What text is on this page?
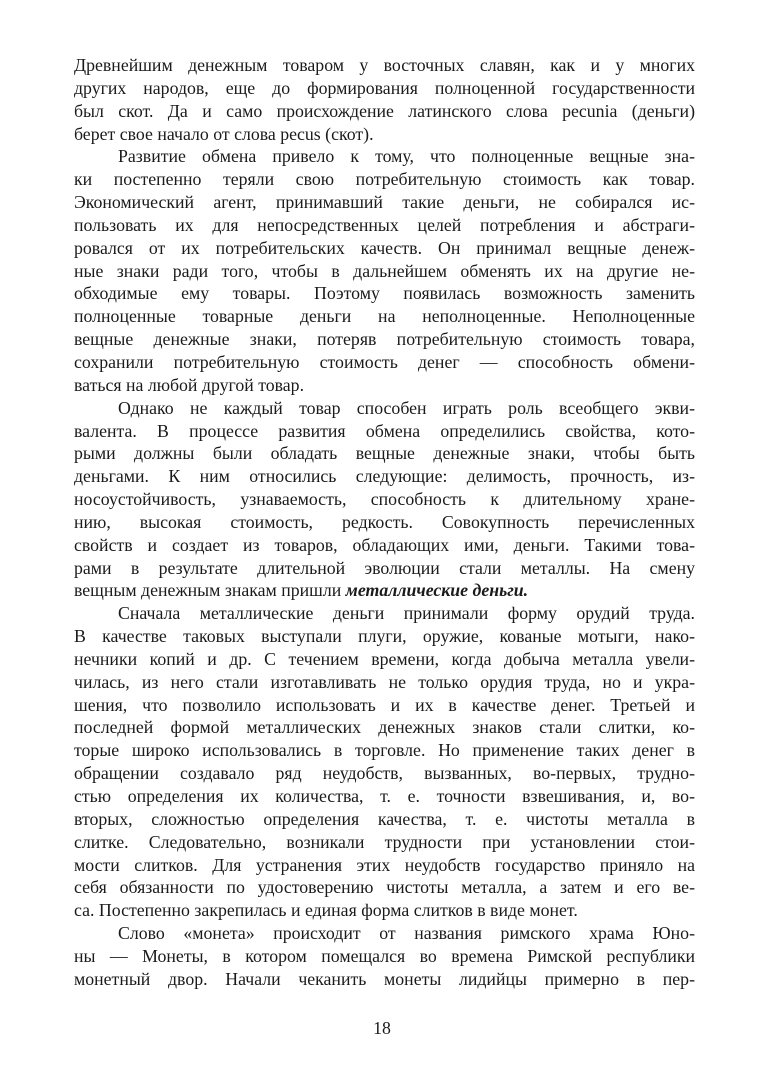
Древнейшим денежным товаром у восточных славян, как и у многих
других народов, еще до формирования полноценной государственности
был скот. Да и само происхождение латинского слова pecunia (деньги)
берет свое начало от слова pecus (скот).
Развитие обмена привело к тому, что полноценные вещные зна-
ки постепенно теряли свою потребительную стоимость как товар.
Экономический агент, принимавший такие деньги, не собирался ис-
пользовать их для непосредственных целей потребления и абстраги-
ровался от их потребительских качеств. Он принимал вещные денеж-
ные знаки ради того, чтобы в дальнейшем обменять их на другие не-
обходимые ему товары. Поэтому появилась возможность заменить
полноценные товарные деньги на неполноценные. Неполноценные
вещные денежные знаки, потеряв потребительную стоимость товара,
сохранили потребительную стоимость денег — способность обмени-
ваться на любой другой товар.
Однако не каждый товар способен играть роль всеобщего экви-
валента. В процессе развития обмена определились свойства, кото-
рыми должны были обладать вещные денежные знаки, чтобы быть
деньгами. К ним относились следующие: делимость, прочность, из-
носоустойчивость, узнаваемость, способность к длительному хране-
нию, высокая стоимость, редкость. Совокупность перечисленных
свойств и создает из товаров, обладающих ими, деньги. Такими това-
рами в результате длительной эволюции стали металлы. На смену
вещным денежным знакам пришли металлические деньги.
Сначала металлические деньги принимали форму орудий труда.
В качестве таковых выступали плуги, оружие, кованые мотыги, нако-
нечники копий и др. С течением времени, когда добыча металла увели-
чилась, из него стали изготавливать не только орудия труда, но и укра-
шения, что позволило использовать и их в качестве денег. Третьей и
последней формой металлических денежных знаков стали слитки, ко-
торые широко использовались в торговле. Но применение таких денег в
обращении создавало ряд неудобств, вызванных, во-первых, трудно-
стью определения их количества, т. е. точности взвешивания, и, во-
вторых, сложностью определения качества, т. е. чистоты металла в
слитке. Следовательно, возникали трудности при установлении стои-
мости слитков. Для устранения этих неудобств государство приняло на
себя обязанности по удостоверению чистоты металла, а затем и его ве-
са. Постепенно закрепилась и единая форма слитков в виде монет.
Слово «монета» происходит от названия римского храма Юно-
ны — Монеты, в котором помещался во времена Римской республики
монетный двор. Начали чеканить монеты лидийцы примерно в пер-
18
